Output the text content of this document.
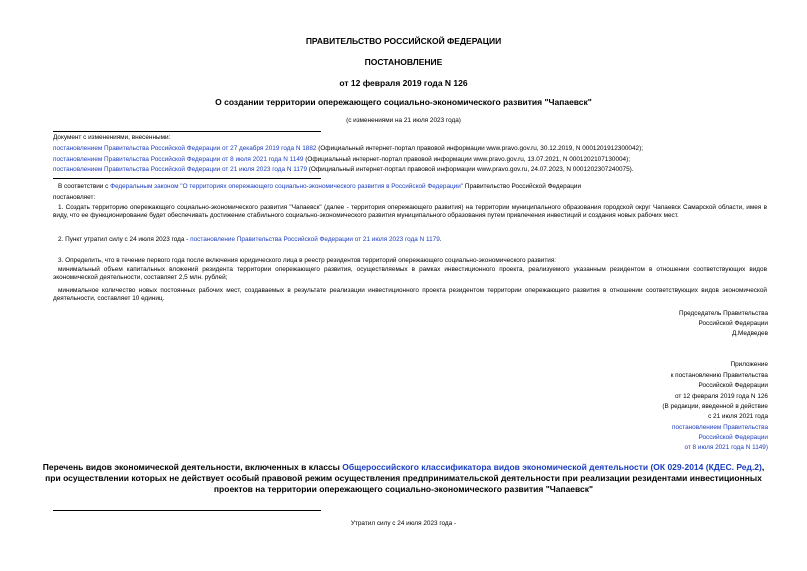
ПРАВИТЕЛЬСТВО РОССИЙСКОЙ ФЕДЕРАЦИИ
ПОСТАНОВЛЕНИЕ
от 12 февраля 2019 года N 126
О создании территории опережающего социально-экономического развития "Чапаевск"
(с изменениями на 21 июля 2023 года)
Документ с изменениями, внесенными:
постановлением Правительства Российской Федерации от 27 декабря 2019 года N 1882 (Официальный интернет-портал правовой информации www.pravo.gov.ru, 30.12.2019, N 0001201912300042);
постановлением Правительства Российской Федерации от 8 июля 2021 года N 1149 (Официальный интернет-портал правовой информации www.pravo.gov.ru, 13.07.2021, N 0001202107130004);
постановлением Правительства Российской Федерации от 21 июля 2023 года N 1179 (Официальный интернет-портал правовой информации www.pravo.gov.ru, 24.07.2023, N 0001202307240075).
В соответствии с Федеральным законом "О территориях опережающего социально-экономического развития в Российской Федерации" Правительство Российской Федерации
постановляет:
1. Создать территорию опережающего социально-экономического развития "Чапаевск" (далее - территория опережающего развития) на территории муниципального образования городской округ Чапаевск Самарской области, имея в виду, что ее функционирование будет обеспечивать достижение стабильного социально-экономического развития муниципального образования путем привлечения инвестиций и создания новых рабочих мест.
2. Пункт утратил силу с 24 июля 2023 года - постановление Правительства Российской Федерации от 21 июля 2023 года N 1179.
3. Определить, что в течение первого года после включения юридического лица в реестр резидентов территорий опережающего социально-экономического развития:
минимальный объем капитальных вложений резидента территории опережающего развития, осуществляемых в рамках инвестиционного проекта, реализуемого указанным резидентом в отношении соответствующих видов экономической деятельности, составляет 2,5 млн. рублей;
минимальное количество новых постоянных рабочих мест, создаваемых в результате реализации инвестиционного проекта резидентом территории опережающего развития в отношении соответствующих видов экономической деятельности, составляет 10 единиц.
Председатель Правительства
Российской Федерации
Д.Медведев
Приложение
к постановлению Правительства
Российской Федерации
от 12 февраля 2019 года N 126
(В редакции, введенной в действие
с 21 июля 2021 года
постановлением Правительства
Российской Федерации
от 8 июля 2021 года N 1149)
Перечень видов экономической деятельности, включенных в классы Общероссийского классификатора видов экономической деятельности (ОК 029-2014 (КДЕС. Ред.2), при осуществлении которых не действует особый правовой режим осуществления предпринимательской деятельности при реализации резидентами инвестиционных проектов на территории опережающего социально-экономического развития "Чапаевск"
Утратил силу с 24 июля 2023 года -
